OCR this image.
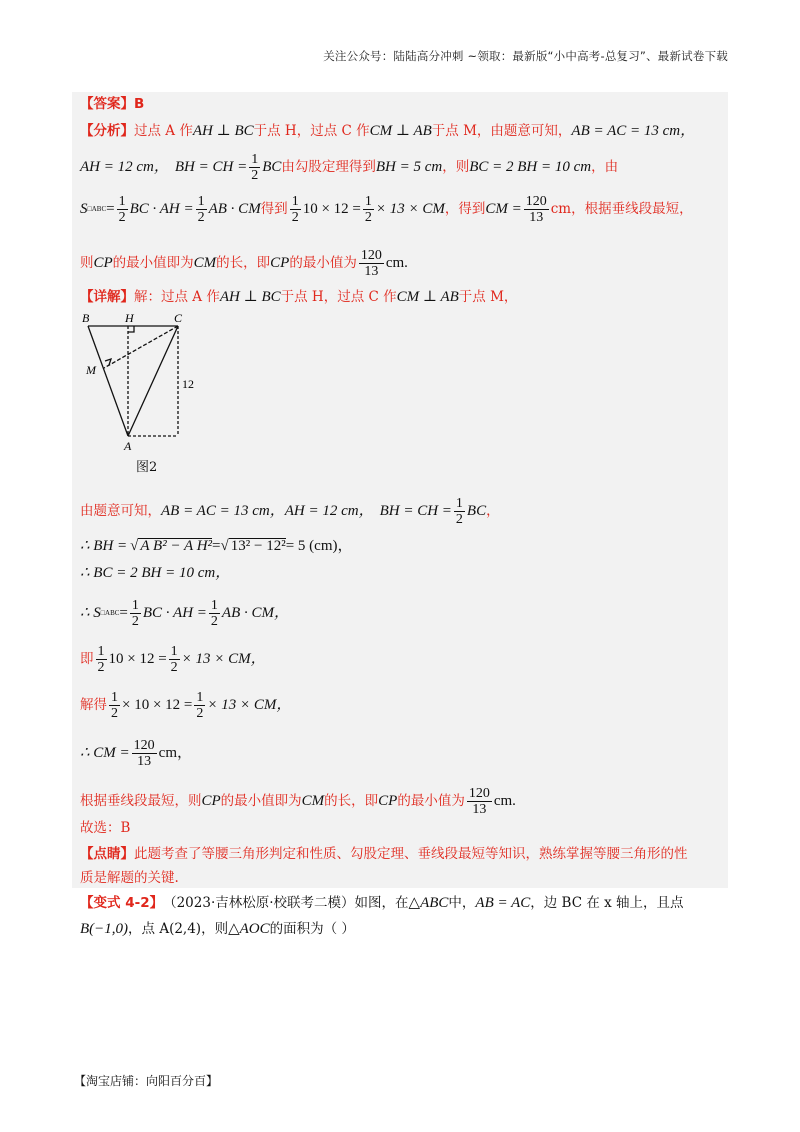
关注公众号：陆陆高分冲刺 ~领取：最新版“小中高考-总复习”、最新试卷下载
【答案】 B
【分析】 过点 A 作 AH ⊥ BC 于点 H，过点 C 作 CM ⊥ AB 于点 M，由题意可知， AB = AC = 13 cm，
AH = 12 cm， BH = CH = $\frac{1}{2}$ BC 由勾股定理得到 BH = 5 cm ，则 BC = 2 BH = 10 cm ，由
S □ABC = $\frac{1}{2}$ BC · AH = $\frac{1}{2}$ AB · CM 得到 $\frac{1}{2} 10 \times 12 = \frac{1}{2} \times 13$ × CM ，得到 CM = $\frac{120}{13}$ cm，根据垂线段最短，
则 CP 的最小值即为 CM 的长，即 CP 的最小值为 $\frac{120}{13}$ cm.
【详解】 解：过点 A 作 AH ⊥ BC 于点 H，过点 C 作 CM ⊥ AB 于点 M，
B	H	C
M
A
12
图2
由题意可知， AB = AC = 13 cm， AH = 12 cm， BH = CH = $\frac{1}{2}$ BC ，
∴ BH = √ A B² − A H² = √ 13² − 12² = 5 (cm)，
∴ BC = 2 BH = 10 cm，
∴ S □ABC = $\frac{1}{2}$ BC · AH = $\frac{1}{2}$ AB · CM，
即 $\frac{1}{2} 10 \times 12 = \frac{1}{2} \times 13$ × CM，
解得 $\frac{1}{2} \times 10 \times 12 = \frac{1}{2} \times 13$ × CM，
∴ CM = $\frac{120}{13}$ cm，
根据垂线段最短，则 CP 的最小值即为 CM 的长，即 CP 的最小值为 $\frac{120}{13}$ cm.
故选：B
【点睛】 此题考查了等腰三角形判定和性质、勾股定理、垂线段最短等知识，熟练掌握等腰三角形的性
质是解题的关键.
【变式 4-2】 （2023·吉林松原·校联考二模）如图，在 △ABC 中， AB = AC ，边 BC 在 x 轴上，且点
B(−1,0) ，点 A(2,4)，则 △AOC 的面积为（ ）
【淘宝店铺：向阳百分百】
